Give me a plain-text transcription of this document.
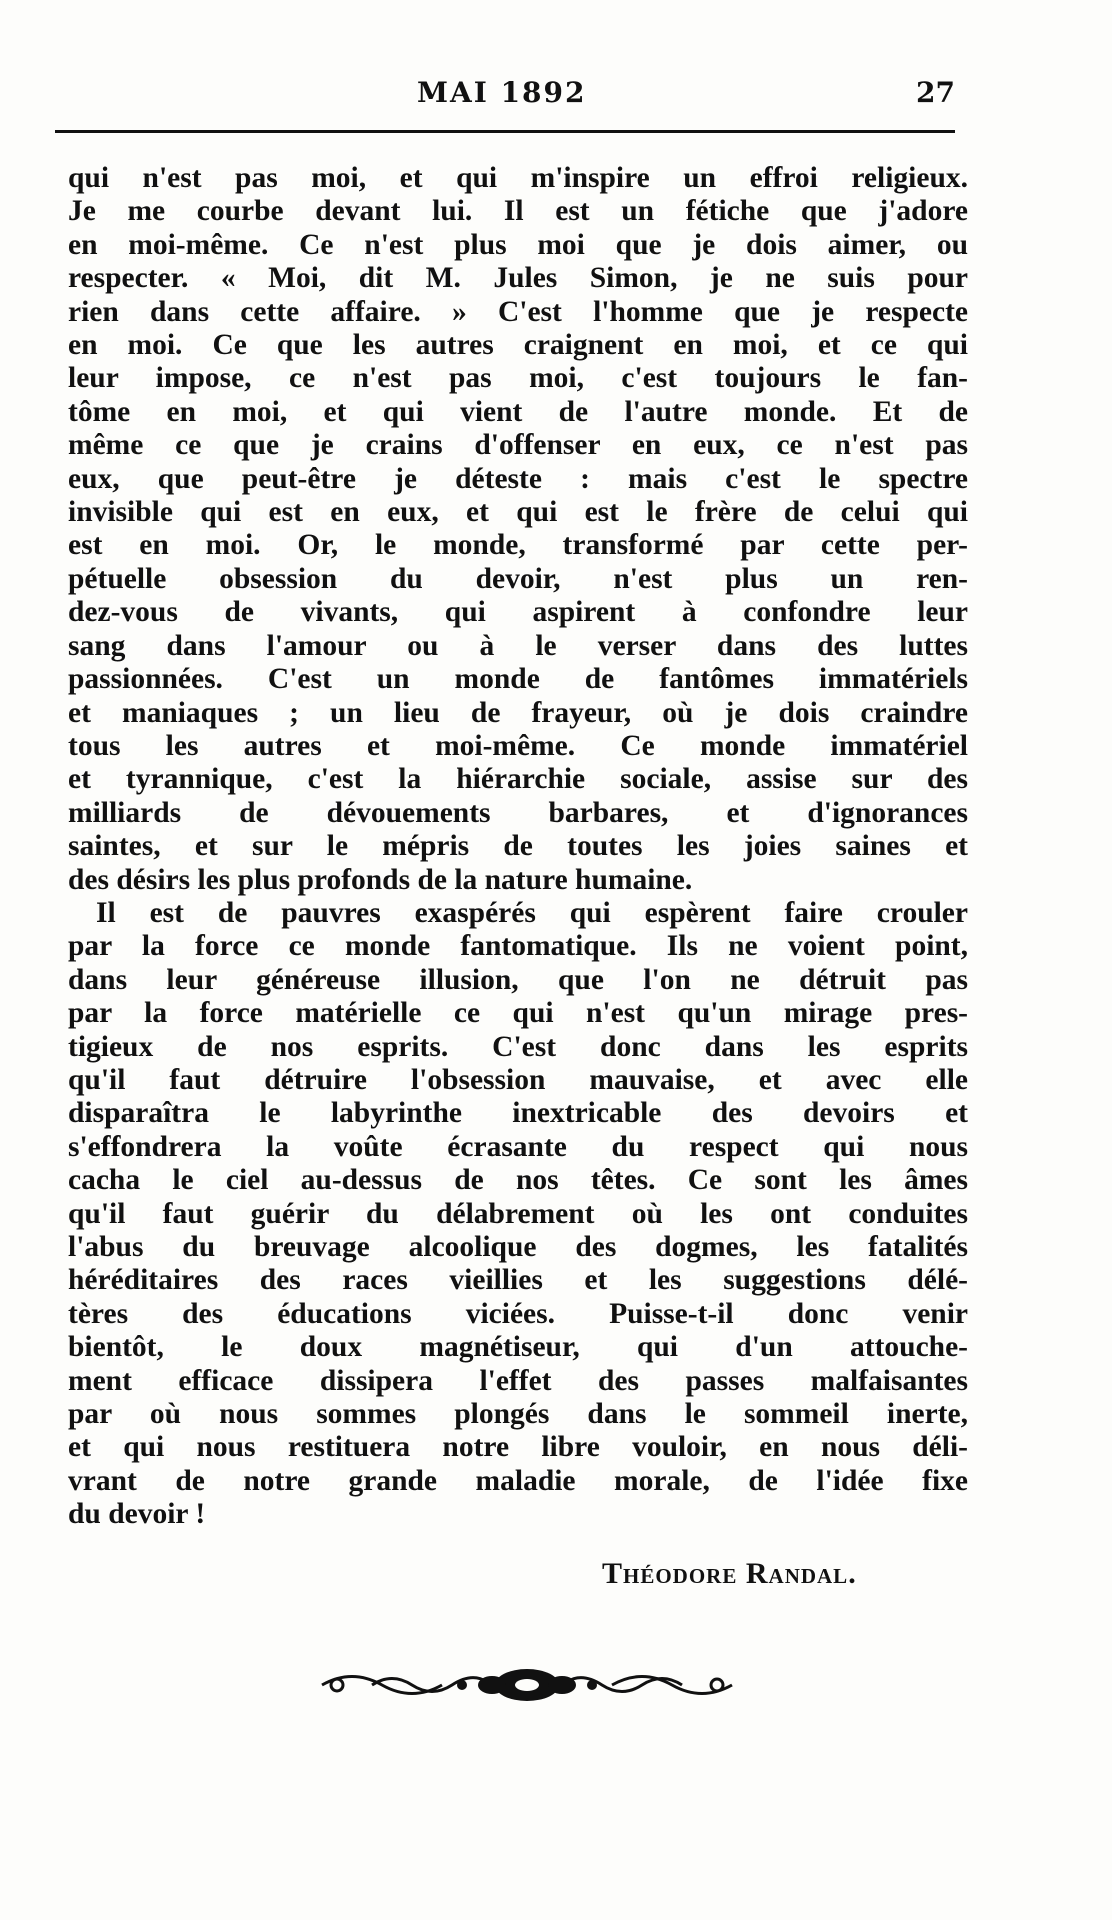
MAI 1892	27
qui n'est pas moi, et qui m'inspire un effroi religieux.
Je me courbe devant lui. Il est un fétiche que j'adore
en moi-même. Ce n'est plus moi que je dois aimer, ou
respecter. « Moi, dit M. Jules Simon, je ne suis pour
rien dans cette affaire. » C'est l'homme que je respecte
en moi. Ce que les autres craignent en moi, et ce qui
leur impose, ce n'est pas moi, c'est toujours le fan-
tôme en moi, et qui vient de l'autre monde. Et de
même ce que je crains d'offenser en eux, ce n'est pas
eux, que peut-être je déteste : mais c'est le spectre
invisible qui est en eux, et qui est le frère de celui qui
est en moi. Or, le monde, transformé par cette per-
pétuelle obsession du devoir, n'est plus un ren-
dez-vous de vivants, qui aspirent à confondre leur
sang dans l'amour ou à le verser dans des luttes
passionnées. C'est un monde de fantômes immatériels
et maniaques ; un lieu de frayeur, où je dois craindre
tous les autres et moi-même. Ce monde immatériel
et tyrannique, c'est la hiérarchie sociale, assise sur des
milliards de dévouements barbares, et d'ignorances
saintes, et sur le mépris de toutes les joies saines et
des désirs les plus profonds de la nature humaine.
Il est de pauvres exaspérés qui espèrent faire crouler
par la force ce monde fantomatique. Ils ne voient point,
dans leur généreuse illusion, que l'on ne détruit pas
par la force matérielle ce qui n'est qu'un mirage pres-
tigieux de nos esprits. C'est donc dans les esprits
qu'il faut détruire l'obsession mauvaise, et avec elle
disparaîtra le labyrinthe inextricable des devoirs et
s'effondrera la voûte écrasante du respect qui nous
cacha le ciel au-dessus de nos têtes. Ce sont les âmes
qu'il faut guérir du délabrement où les ont conduites
l'abus du breuvage alcoolique des dogmes, les fatalités
héréditaires des races vieillies et les suggestions délé-
tères des éducations viciées. Puisse-t-il donc venir
bientôt, le doux magnétiseur, qui d'un attouche-
ment efficace dissipera l'effet des passes malfaisantes
par où nous sommes plongés dans le sommeil inerte,
et qui nous restituera notre libre vouloir, en nous déli-
vrant de notre grande maladie morale, de l'idée fixe
du devoir !
Théodore Randal.
